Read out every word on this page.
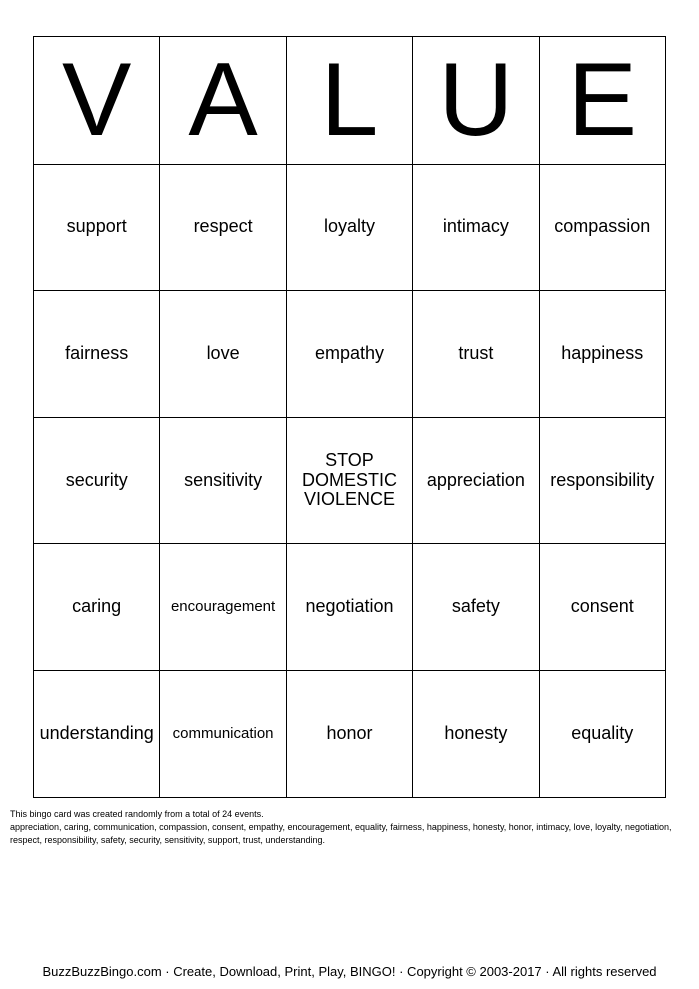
V	A	L	U	E
support	respect	loyalty	intimacy	compassion
fairness	love	empathy	trust	happiness
security	sensitivity	STOP DOMESTIC VIOLENCE	appreciation	responsibility
caring	encouragement	negotiation	safety	consent
understanding	communication	honor	honesty	equality
This bingo card was created randomly from a total of 24 events.
appreciation, caring, communication, compassion, consent, empathy, encouragement, equality, fairness, happiness, honesty, honor, intimacy, love, loyalty, negotiation, respect, responsibility, safety, security, sensitivity, support, trust, understanding.
BuzzBuzzBingo.com · Create, Download, Print, Play, BINGO! · Copyright © 2003-2017 · All rights reserved
